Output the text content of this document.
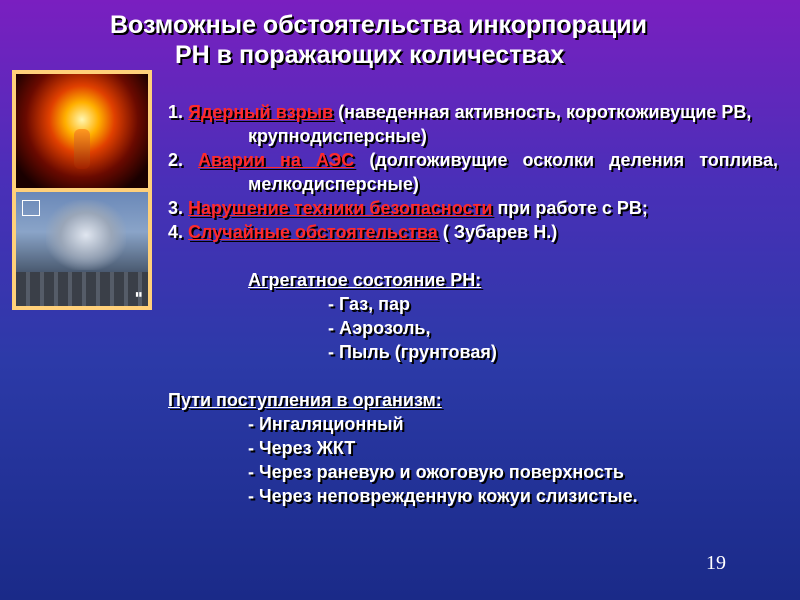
Возможные обстоятельства инкорпорации
РН в поражающих количествах
▮▮

1. Ядерный взрыв (наведенная активность, короткоживущие РВ, крупнодисперсные)

2. Аварии на АЭС (долгоживущие осколки деления топлива, мелкодисперсные)

3. Нарушение техники безопасности при работе с РВ;

4. Случайные обстоятельства ( Зубарев Н.)

Агрегатное состояние РН:

- Газ, пар

- Аэрозоль,

- Пыль (грунтовая)

Пути поступления в организм:

- Ингаляционный

- Через ЖКТ

- Через раневую и ожоговую поверхность

- Через неповрежденную кожуи слизистые.

19
